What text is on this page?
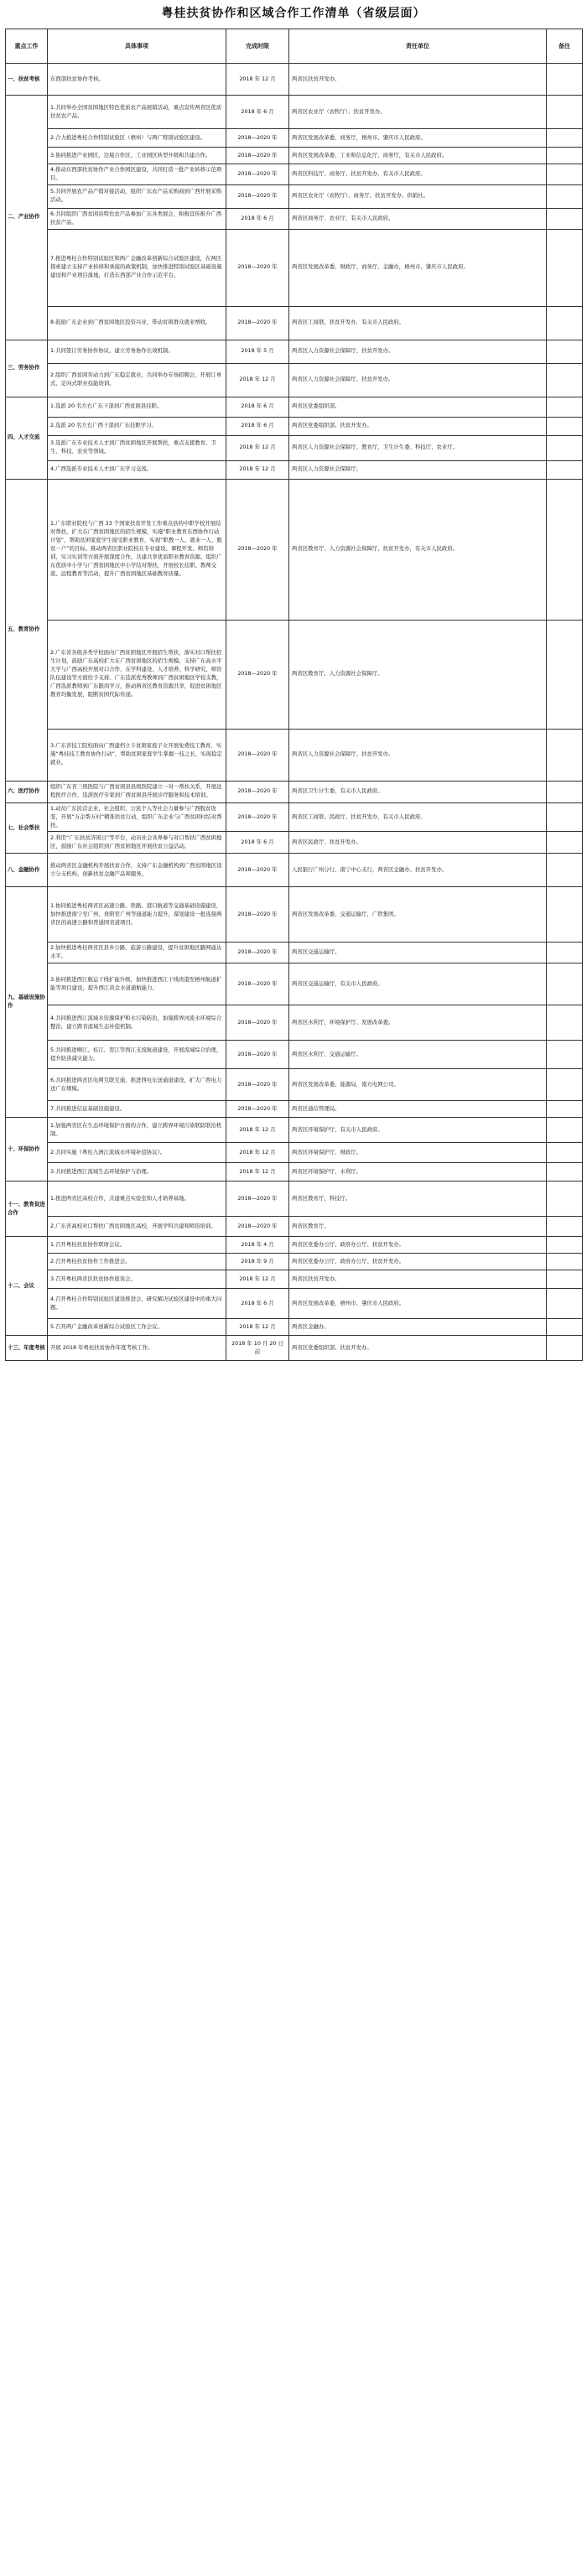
粤桂扶贫协作和区域合作工作清单（省级层面）
重点工作	具体事项	完成时限	责任单位	备注
一、扶贫考核	东西部扶贫协作考核。	2018 年 12 月	两省区扶贫开发办。	
二、产业协作	1.共同举办全国贫困地区特色优质农产品展销活动，重点宣传两省区优质扶贫农产品。	2018 年 6 月	两省区农业厅（农牧厅）、扶贫开发办。	
	2.合力推进粤桂合作特别试验区（梧州）与两广特别试验区建设。	2018—2020 年	两省区发展改革委、商务厅，梧州市、肇庆市人民政府。	
	3.协同推进产业园区、边境合作区、工业园区转型升级和共建合作。	2018—2020 年	两省区发展改革委、工业和信息化厅、商务厅，有关市人民政府。	
	4.推动东西部扶贫协作产业合作园区建设，共同打造一批产业转移示范项目。	2018—2020 年	两省区科技厅、商务厅、扶贫开发办，有关市人民政府。	
	5.共同开展农产品产销对接活动，组织广东农产品采购商到广西开展采购活动。	2018—2020 年	两省区农业厅（农牧厅）、商务厅、扶贫开发办、供销社。	
	6.共同组织广西贫困县特色农产品参加广东各类展会，积极宣传推介广西扶贫产品。	2018 年 6 月	两省区商务厅、农业厅，有关市人民政府。	
	7.推进粤桂合作特别试验区和两广金融改革创新综合试验区建设，在两区探索建立支持产业转移和承接的政策机制，加快推进特别试验区基础设施建设和产业项目落地，打造东西部产业合作示范平台。	2018—2020 年	两省区发展改革委、财政厅、商务厅、金融办，梧州市、肇庆市人民政府。	
	8.鼓励广东企业到广西贫困地区投资兴业，带动贫困群众就业增收。	2018—2020 年	两省区工商联、扶贫开发办，有关市人民政府。	
三、劳务协作	1.共同签订劳务协作协议，建立劳务协作长效机制。	2018 年 5 月	两省区人力资源社会保障厅、扶贫开发办。	
	2.组织广西贫困劳动力到广东稳定就业，共同举办专场招聘会，开展订单式、定向式职业技能培训。	2018 年 12 月	两省区人力资源社会保障厅、扶贫开发办。	
四、人才交流	1.选派 20 名左右广东干部到广西贫困县挂职。	2018 年 6 月	两省区党委组织部。	
	2.选派 20 名左右广西干部到广东挂职学习。	2018 年 6 月	两省区党委组织部、扶贫开发办。	
	3.选派广东专业技术人才到广西贫困地区开展帮扶，重点支援教育、卫生、科技、农业等领域。	2018 年 12 月	两省区人力资源社会保障厅、教育厅、卫生计生委、科技厅、农业厅。	
	4.广西选派专业技术人才到广东学习交流。	2018 年 12 月	两省区人力资源社会保障厅。	
五、教育协作	1.广东职业院校与广西 33 个国家扶贫开发工作重点县的中职学校开展结对帮扶，扩大在广西贫困地区的招生规模，实施“职业教育东西协作行动计划”，帮助贫困家庭学生接受职业教育，实现“职教一人、就业一人、脱贫一户”的目标。推动两省区职业院校在专业建设、课程开发、师资培训、实习实训等方面开展深度合作，共建共享优质职业教育资源。组织广东优质中小学与广西贫困地区中小学结对帮扶，开展校长挂职、教师交流、远程教育等活动，提升广西贫困地区基础教育质量。	2018—2020 年	两省区教育厅、人力资源社会保障厅、扶贫开发办，有关市人民政府。	
	2.广东省各级各类学校面向广西贫困地区开展招生帮扶，落实对口帮扶招生计划，鼓励广东高校扩大在广西贫困地区的招生规模。支持广东高水平大学与广西高校开展对口合作，在学科建设、人才培养、科学研究、师资队伍建设等方面给予支持。广东选派优秀教师到广西贫困地区学校支教，广西选派教师到广东跟岗学习，推动两省区教育资源共享，促进贫困地区教育均衡发展，阻断贫困代际传递。	2018—2020 年	两省区教育厅、人力资源社会保障厅。	
	3.广东省技工院校面向广西建档立卡贫困家庭子女开展免费技工教育，实施“粤桂技工教育协作行动”，帮助贫困家庭学生掌握一技之长，实现稳定就业。	2018—2020 年	两省区人力资源社会保障厅、扶贫开发办。	
六、医疗协作	组织广东省三级医院与广西贫困县县级医院建立一对一帮扶关系，开展远程医疗合作，选派医疗专家到广西贫困县开展诊疗服务和技术培训。	2018—2020 年	两省区卫生计生委，有关市人民政府。	
七、社会帮扶	1.动员广东民营企业、社会组织、公民个人等社会力量参与广西脱贫攻坚，开展“万企帮万村”精准扶贫行动，组织广东企业与广西贫困村结对帮扶。	2018—2020 年	两省区工商联、民政厅、扶贫开发办，有关市人民政府。	
	2.利用“广东扶贫济困日”等平台，动员社会各界参与对口帮扶广西贫困地区，鼓励广东社会组织到广西贫困地区开展扶贫公益活动。	2018 年 6 月	两省区民政厅、扶贫开发办。	
八、金融协作	推动两省区金融机构开展扶贫合作，支持广东金融机构到广西贫困地区设立分支机构，创新扶贫金融产品和服务。	2018—2020 年	人民银行广州分行、南宁中心支行，两省区金融办、扶贫开发办。	
九、基础设施协作	1.协同推进粤桂两省区高速公路、铁路、港口航道等交通基础设施建设，加快推进南宁至广州、贵阳至广州等通道能力提升，谋划建设一批连接两省区的高速公路和普通国省道项目。	2018—2020 年	两省区发展改革委、交通运输厅，广铁集团。	
	2.加快推进粤桂两省区县乡公路、旅游公路建设，提升贫困地区路网通达水平。	2018—2020 年	两省区交通运输厅。	
	3.协同推进西江航运干线扩能升级，加快推进西江干线贵港至梧州航道扩能等项目建设，提升西江黄金水道通航能力。	2018—2020 年	两省区交通运输厅，有关市人民政府。	
	4.共同推进西江流域水资源保护和水污染防治，加强跨界河流水环境综合整治，建立跨省流域生态补偿机制。	2018—2020 年	两省区水利厅、环境保护厅、发展改革委。	
	5.共同推进柳江、桂江、贺江等西江支流航道建设，开展流域综合治理，提升防洪减灾能力。	2018—2020 年	两省区水利厅、交通运输厅。	
	6.共同推进两省区电网互联互通，推进西电东送通道建设，扩大广西电力送广东规模。	2018—2020 年	两省区发展改革委、能源局，南方电网公司。	
	7.共同推进信息基础设施建设。	2018—2020 年	两省区通信管理局。	
十、环保协作	1.加强两省区在生态环境保护方面的合作，建立跨界环境污染联防联治机制。	2018 年 12 月	两省区环境保护厅，有关市人民政府。	
	2.共同实施《粤桂九洲江流域水环境补偿协议》。	2018 年 12 月	两省区环境保护厅、财政厅。	
	3.共同推进西江流域生态环境保护与治理。	2018 年 12 月	两省区环境保护厅、水利厅。	
十一、教育促进合作	1.推进两省区高校合作，共建重点实验室和人才培养基地。	2018—2020 年	两省区教育厅、科技厅。	
	2.广东省高校对口帮扶广西贫困地区高校，开展学科共建和师资培训。	2018—2020 年	两省区教育厅。	
十二、会议	1.召开粤桂扶贫协作联席会议。	2018 年 4 月	两省区党委办公厅、政府办公厅、扶贫开发办。	
	2.召开粤桂扶贫协作工作推进会。	2018 年 9 月	两省区党委办公厅、政府办公厅、扶贫开发办。	
	3.召开粤桂两省区扶贫协作座谈会。	2018 年 12 月	两省区扶贫开发办。	
	4.召开粤桂合作特别试验区建设推进会，研究解决试验区建设中的重大问题。	2018 年 6 月	两省区发展改革委，梧州市、肇庆市人民政府。	
	5.召开两广金融改革创新综合试验区工作会议。	2018 年 12 月	两省区金融办。	
十三、年度考核	开展 2018 年粤桂扶贫协作年度考核工作。	2018 年 10 月 20 日前	两省区党委组织部、扶贫开发办。	
